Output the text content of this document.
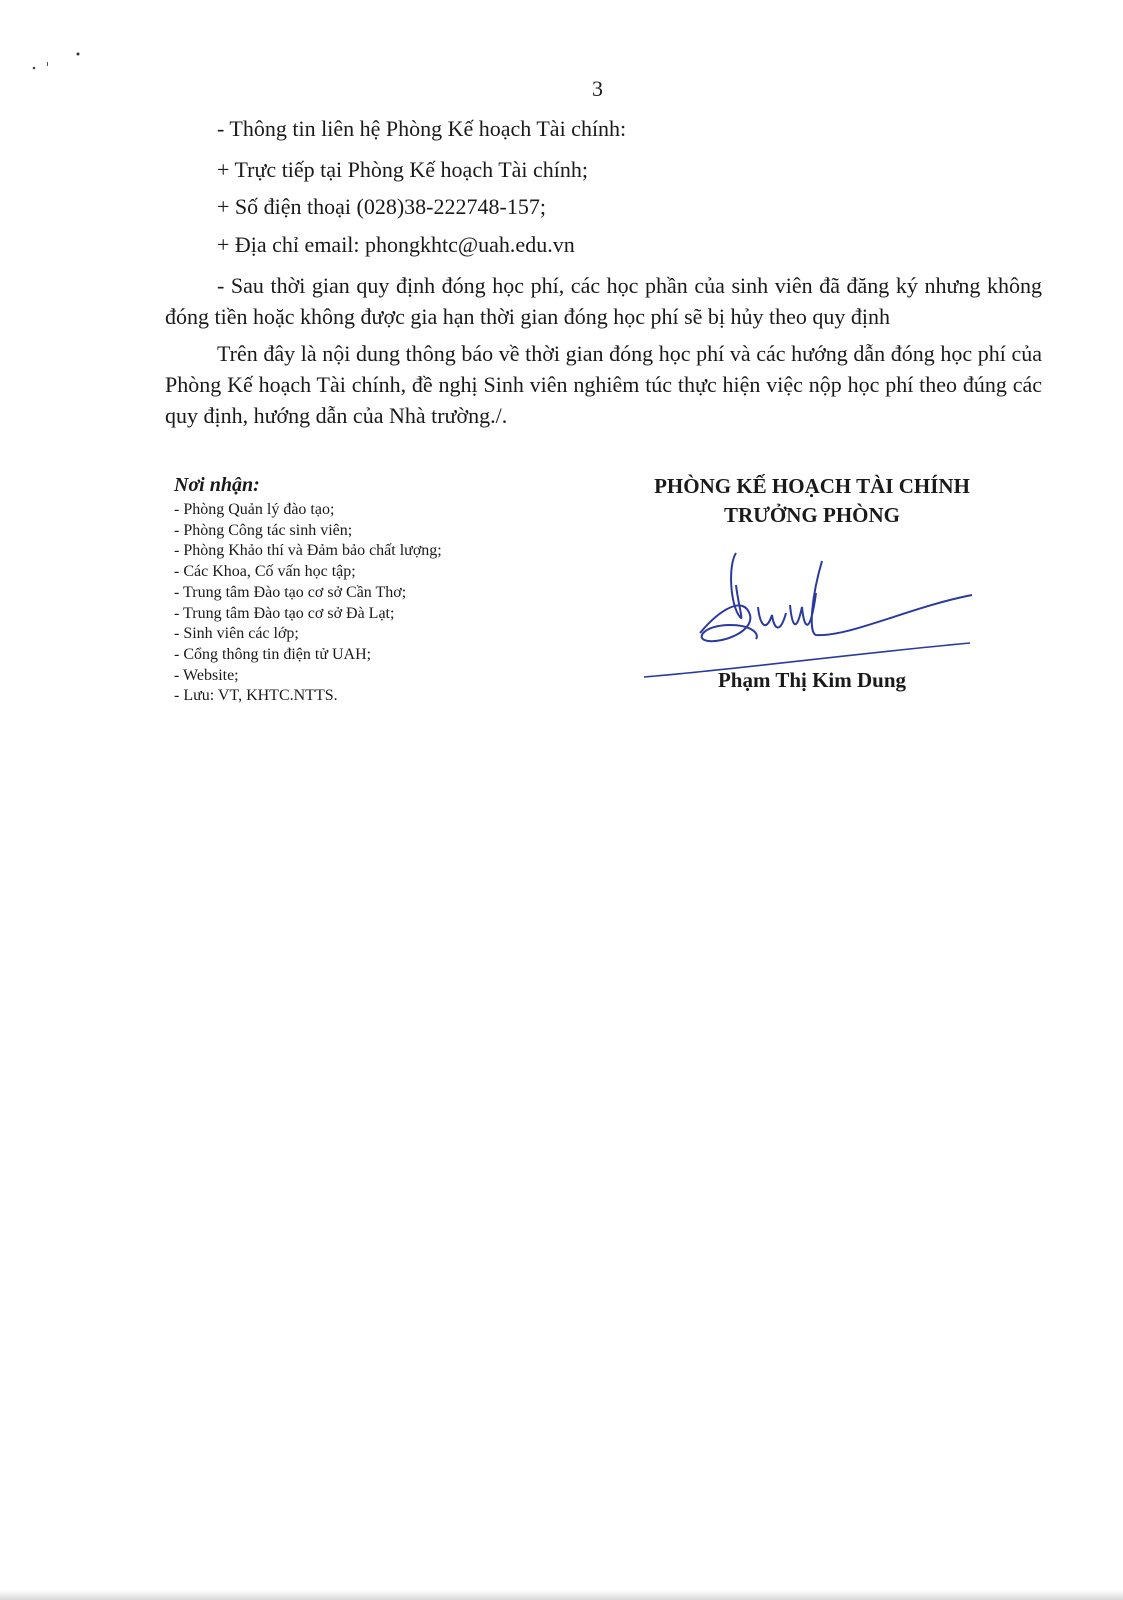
3
- Thông tin liên hệ Phòng Kế hoạch Tài chính:
+ Trực tiếp tại Phòng Kế hoạch Tài chính;
+ Số điện thoại (028)38-222748-157;
+ Địa chỉ email: phongkhtc@uah.edu.vn

- Sau thời gian quy định đóng học phí, các học phần của sinh viên đã đăng ký nhưng không đóng tiền hoặc không được gia hạn thời gian đóng học phí sẽ bị hủy theo quy định

Trên đây là nội dung thông báo về thời gian đóng học phí và các hướng dẫn đóng học phí của Phòng Kế hoạch Tài chính, đề nghị Sinh viên nghiêm túc thực hiện việc nộp học phí theo đúng các quy định, hướng dẫn của Nhà trường./.

Nơi nhận:
- Phòng Quản lý đào tạo;
- Phòng Công tác sinh viên;
- Phòng Khảo thí và Đảm bảo chất lượng;
- Các Khoa, Cố vấn học tập;
- Trung tâm Đào tạo cơ sở Cần Thơ;
- Trung tâm Đào tạo cơ sở Đà Lạt;
- Sinh viên các lớp;
- Cổng thông tin điện tử UAH;
- Website;
- Lưu: VT, KHTC.NTTS.
PHÒNG KẾ HOẠCH TÀI CHÍNH
TRƯỞNG PHÒNG
Phạm Thị Kim Dung
